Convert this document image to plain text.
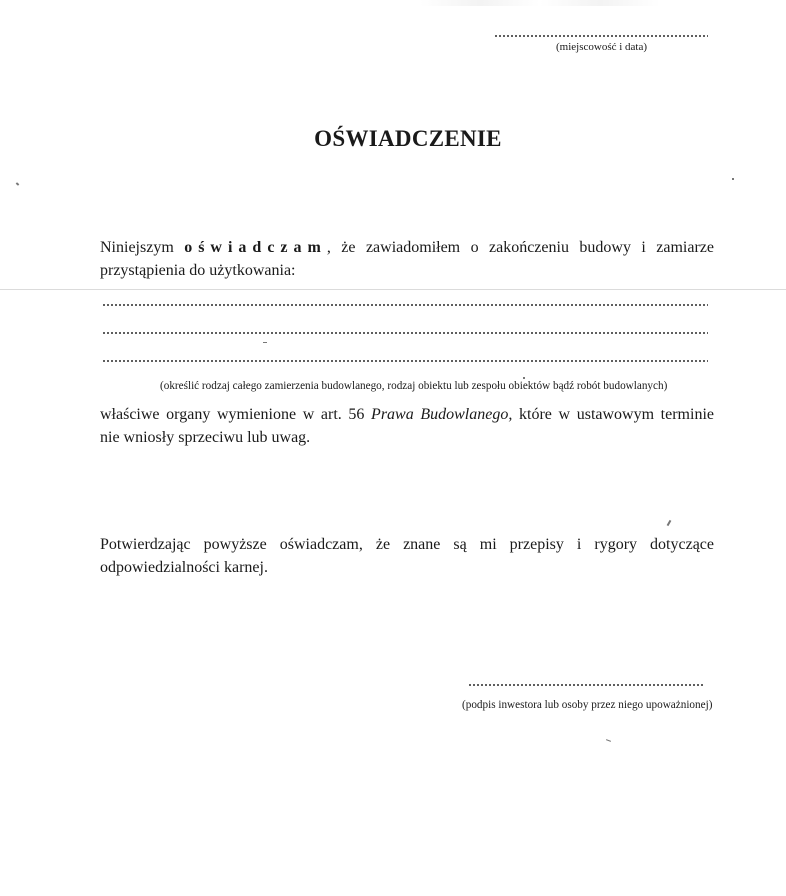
(miejscowość i data)
OŚWIADCZENIE
Niniejszym oświadczam, że zawiadomiłem o zakończeniu budowy i zamiarze
przystąpienia do użytkowania:
(określić rodzaj całego zamierzenia budowlanego, rodzaj obiektu lub zespołu obiektów bądź robót budowlanych)
właściwe organy wymienione w art. 56 Prawa Budowlanego, które w ustawowym terminie
nie wniosły sprzeciwu lub uwag.
Potwierdzając powyższe oświadczam, że znane są mi przepisy i rygory dotyczące
odpowiedzialności karnej.
(podpis inwestora lub osoby przez niego upoważnionej)
